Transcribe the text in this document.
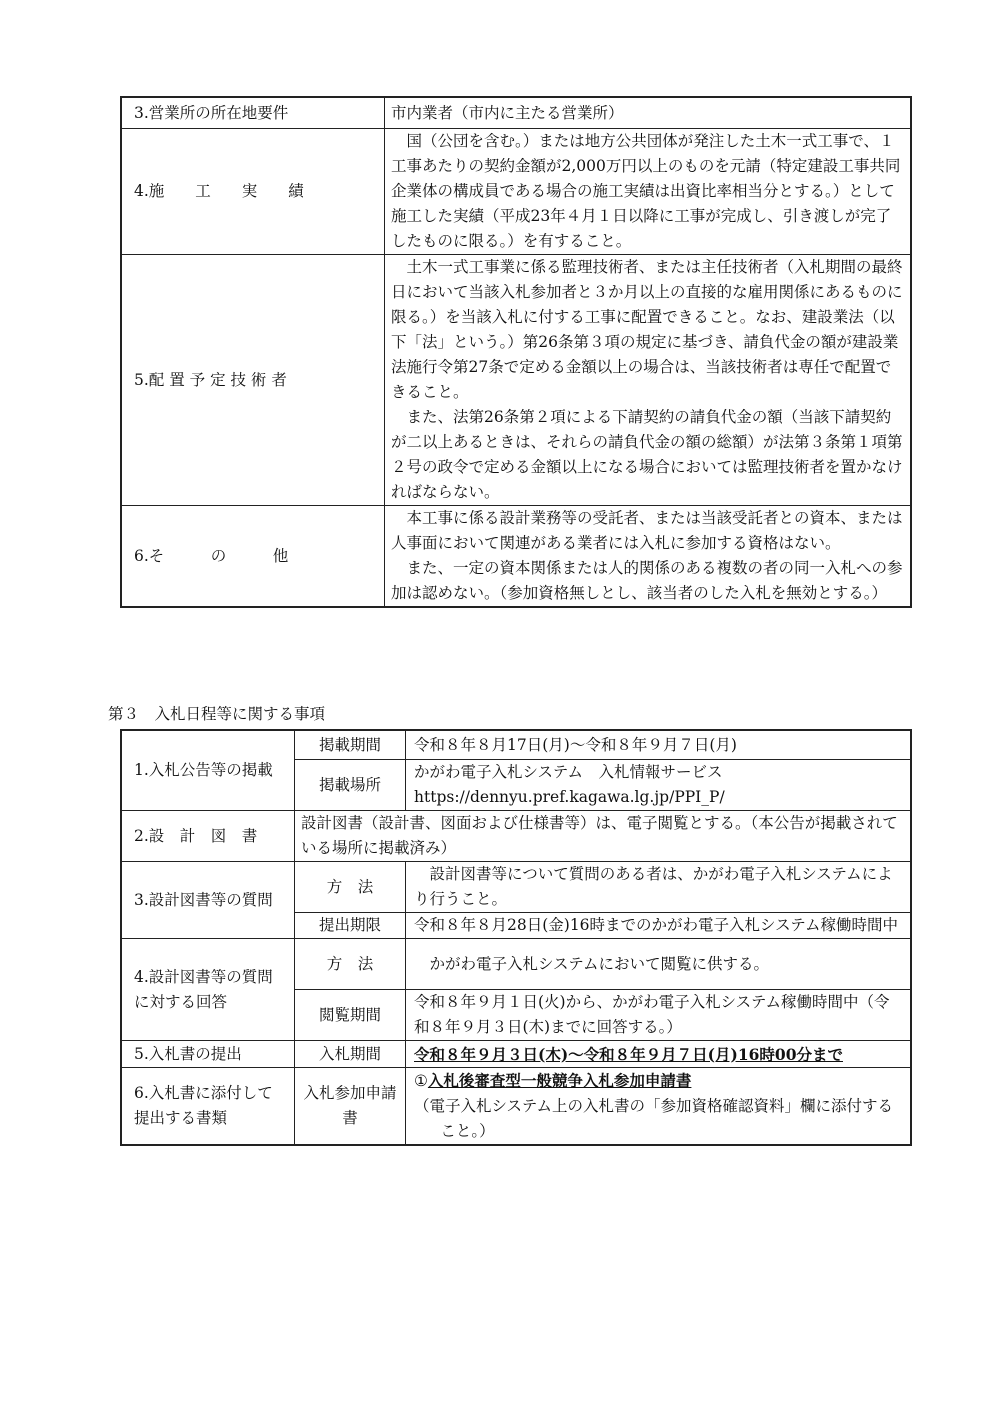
3.営業所の所在地要件	市内業者（市内に主たる営業所）

4.施　　工　　実　　績	国（公団を含む。）または地方公共団体が発注した土木一式工事で、１工事あたりの契約金額が2,000万円以上のものを元請（特定建設工事共同企業体の構成員である場合の施工実績は出資比率相当分とする。）として施工した実績（平成23年４月１日以降に工事が完成し、引き渡しが完了したものに限る。）を有すること。

5.配 置 予 定 技 術 者	土木一式工事業に係る監理技術者、または主任技術者（入札期間の最終日において当該入札参加者と３か月以上の直接的な雇用関係にあるものに限る。）を当該入札に付する工事に配置できること。なお、建設業法（以下「法」という。）第26条第３項の規定に基づき、請負代金の額が建設業法施行令第27条で定める金額以上の場合は、当該技術者は専任で配置できること。

また、法第26条第２項による下請契約の請負代金の額（当該下請契約が二以上あるときは、それらの請負代金の額の総額）が法第３条第１項第２号の政令で定める金額以上になる場合においては監理技術者を置かなければならない。

6.そ　　　の　　　他	本工事に係る設計業務等の受託者、または当該受託者との資本、または人事面において関連がある業者には入札に参加する資格はない。

また、一定の資本関係または人的関係のある複数の者の同一入札への参加は認めない。（参加資格無しとし、該当者のした入札を無効とする。）

第３　入札日程等に関する事項

1.入札公告等の掲載	掲載期間	令和８年８月17日(月)～令和８年９月７日(月)
	掲載場所	かがわ電子入札システム　入札情報サービス
https://dennyu.pref.kagawa.lg.jp/PPI_P/

2.設　計　図　書	設計図書（設計書、図面および仕様書等）は、電子閲覧とする。（本公告が掲載されている場所に掲載済み）	

3.設計図書等の質問	方　法	設計図書等について質問のある者は、かがわ電子入札システムにより行うこと。

	提出期限	令和８年８月28日(金)16時までのかがわ電子入札システム稼働時間中

4.設計図書等の質問に対する回答	方　法	かがわ電子入札システムにおいて閲覧に供する。

	閲覧期間	令和８年９月１日(火)から、かがわ電子入札システム稼働時間中（令和８年９月３日(木)までに回答する。）
5.入札書の提出	入札期間	令和８年９月３日(木)～令和８年９月７日(月)16時00分まで

6.入札書に添付して提出する書類	入札参加申請書	①入札後審査型一般競争入札参加申請書
（電子入札システム上の入札書の「参加資格確認資料」欄に添付すること。）
